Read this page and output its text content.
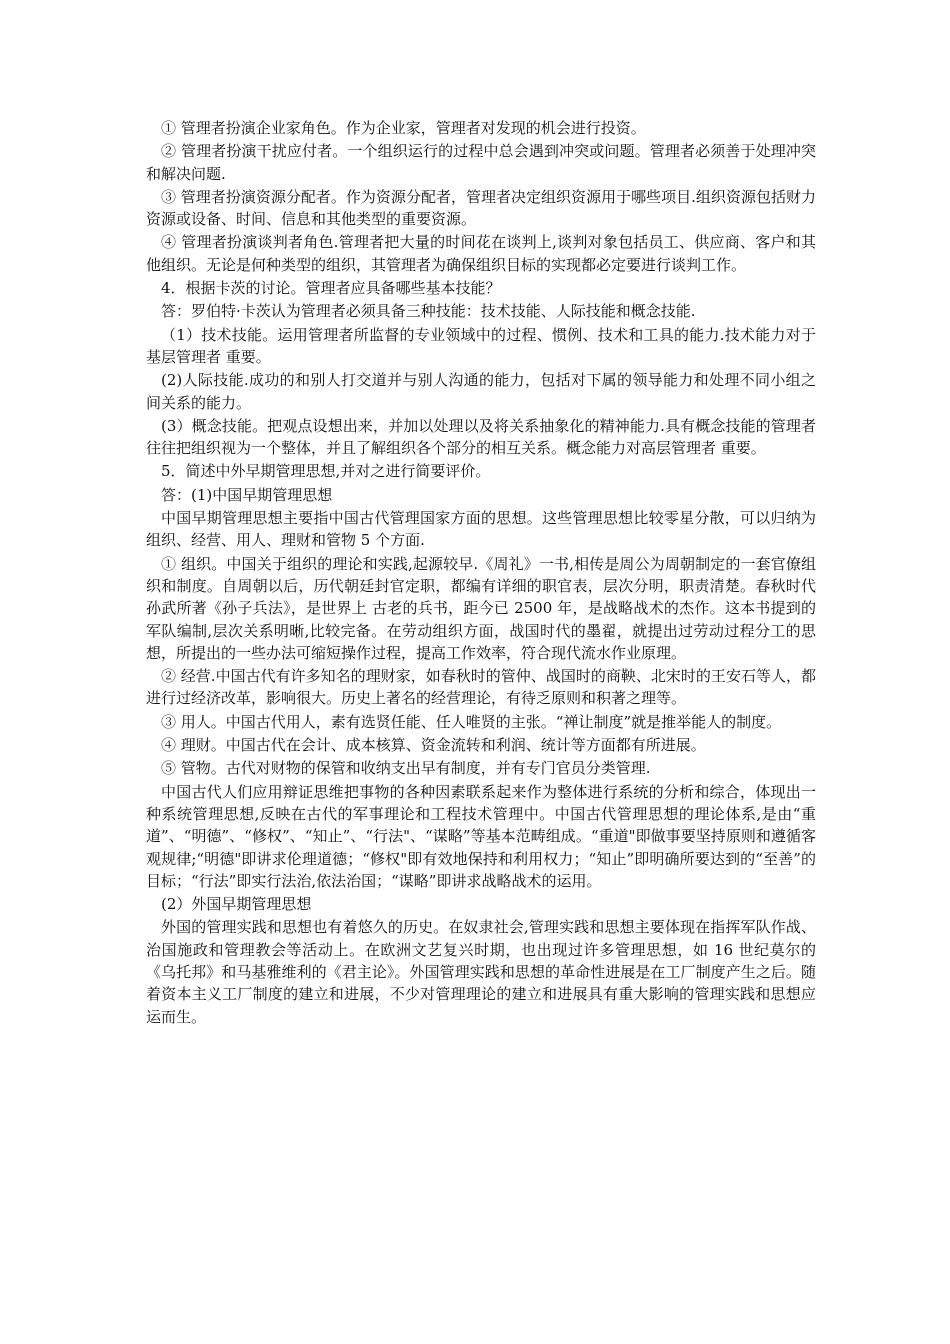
① 管理者扮演企业家角色。作为企业家，管理者对发现的机会进行投资。

② 管理者扮演干扰应付者。一个组织运行的过程中总会遇到冲突或问题。管理者必须善于处理冲突和解决问题.

③ 管理者扮演资源分配者。作为资源分配者，管理者决定组织资源用于哪些项目.组织资源包括财力资源或设备、时间、信息和其他类型的重要资源。

④ 管理者扮演谈判者角色.管理者把大量的时间花在谈判上,谈判对象包括员工、供应商、客户和其他组织。无论是何种类型的组织，其管理者为确保组织目标的实现都必定要进行谈判工作。

4．根据卡茨的讨论。管理者应具备哪些基本技能？

答：罗伯特·卡茨认为管理者必须具备三种技能：技术技能、人际技能和概念技能.

（1）技术技能。运用管理者所监督的专业领域中的过程、惯例、技术和工具的能力.技术能力对于基层管理者 重要。

(2)人际技能.成功的和别人打交道并与别人沟通的能力，包括对下属的领导能力和处理不同小组之间关系的能力。

(3）概念技能。把观点设想出来，并加以处理以及将关系抽象化的精神能力.具有概念技能的管理者往往把组织视为一个整体，并且了解组织各个部分的相互关系。概念能力对高层管理者 重要。

5．简述中外早期管理思想,并对之进行简要评价。

答：(1)中国早期管理思想

中国早期管理思想主要指中国古代管理国家方面的思想。这些管理思想比较零星分散，可以归纳为组织、经营、用人、理财和管物 5 个方面.

① 组织。中国关于组织的理论和实践,起源较早.《周礼》一书,相传是周公为周朝制定的一套官僚组织和制度。自周朝以后，历代朝廷封官定职，都编有详细的职官表，层次分明，职责清楚。春秋时代孙武所著《孙子兵法》，是世界上 古老的兵书，距今已 2500 年，是战略战术的杰作。这本书提到的军队编制,层次关系明晰,比较完备。在劳动组织方面，战国时代的墨翟，就提出过劳动过程分工的思想，所提出的一些办法可缩短操作过程，提高工作效率，符合现代流水作业原理。

② 经营.中国古代有许多知名的理财家，如春秋时的管仲、战国时的商鞅、北宋时的王安石等人，都进行过经济改革，影响很大。历史上著名的经营理论，有待乏原则和积著之理等。

③ 用人。中国古代用人，素有选贤任能、任人唯贤的主张。“禅让制度”就是推举能人的制度。

④ 理财。中国古代在会计、成本核算、资金流转和利润、统计等方面都有所进展。

⑤ 管物。古代对财物的保管和收纳支出早有制度，并有专门官员分类管理.

中国古代人们应用辩证思维把事物的各种因素联系起来作为整体进行系统的分析和综合，体现出一种系统管理思想,反映在古代的军事理论和工程技术管理中。中国古代管理思想的理论体系,是由“重道”、“明德”、“修权”、“知止”、“行法"、“谋略”等基本范畴组成。“重道"即做事要坚持原则和遵循客观规律;“明德"即讲求伦理道德；“修权"即有效地保持和利用权力；“知止”即明确所要达到的“至善”的目标；“行法”即实行法治,依法治国；“谋略”即讲求战略战术的运用。

(2）外国早期管理思想

外国的管理实践和思想也有着悠久的历史。在奴隶社会,管理实践和思想主要体现在指挥军队作战、治国施政和管理教会等活动上。在欧洲文艺复兴时期，也出现过许多管理思想，如 16 世纪莫尔的《乌托邦》和马基雅维利的《君主论》。外国管理实践和思想的革命性进展是在工厂制度产生之后。随着资本主义工厂制度的建立和进展，不少对管理理论的建立和进展具有重大影响的管理实践和思想应运而生。
